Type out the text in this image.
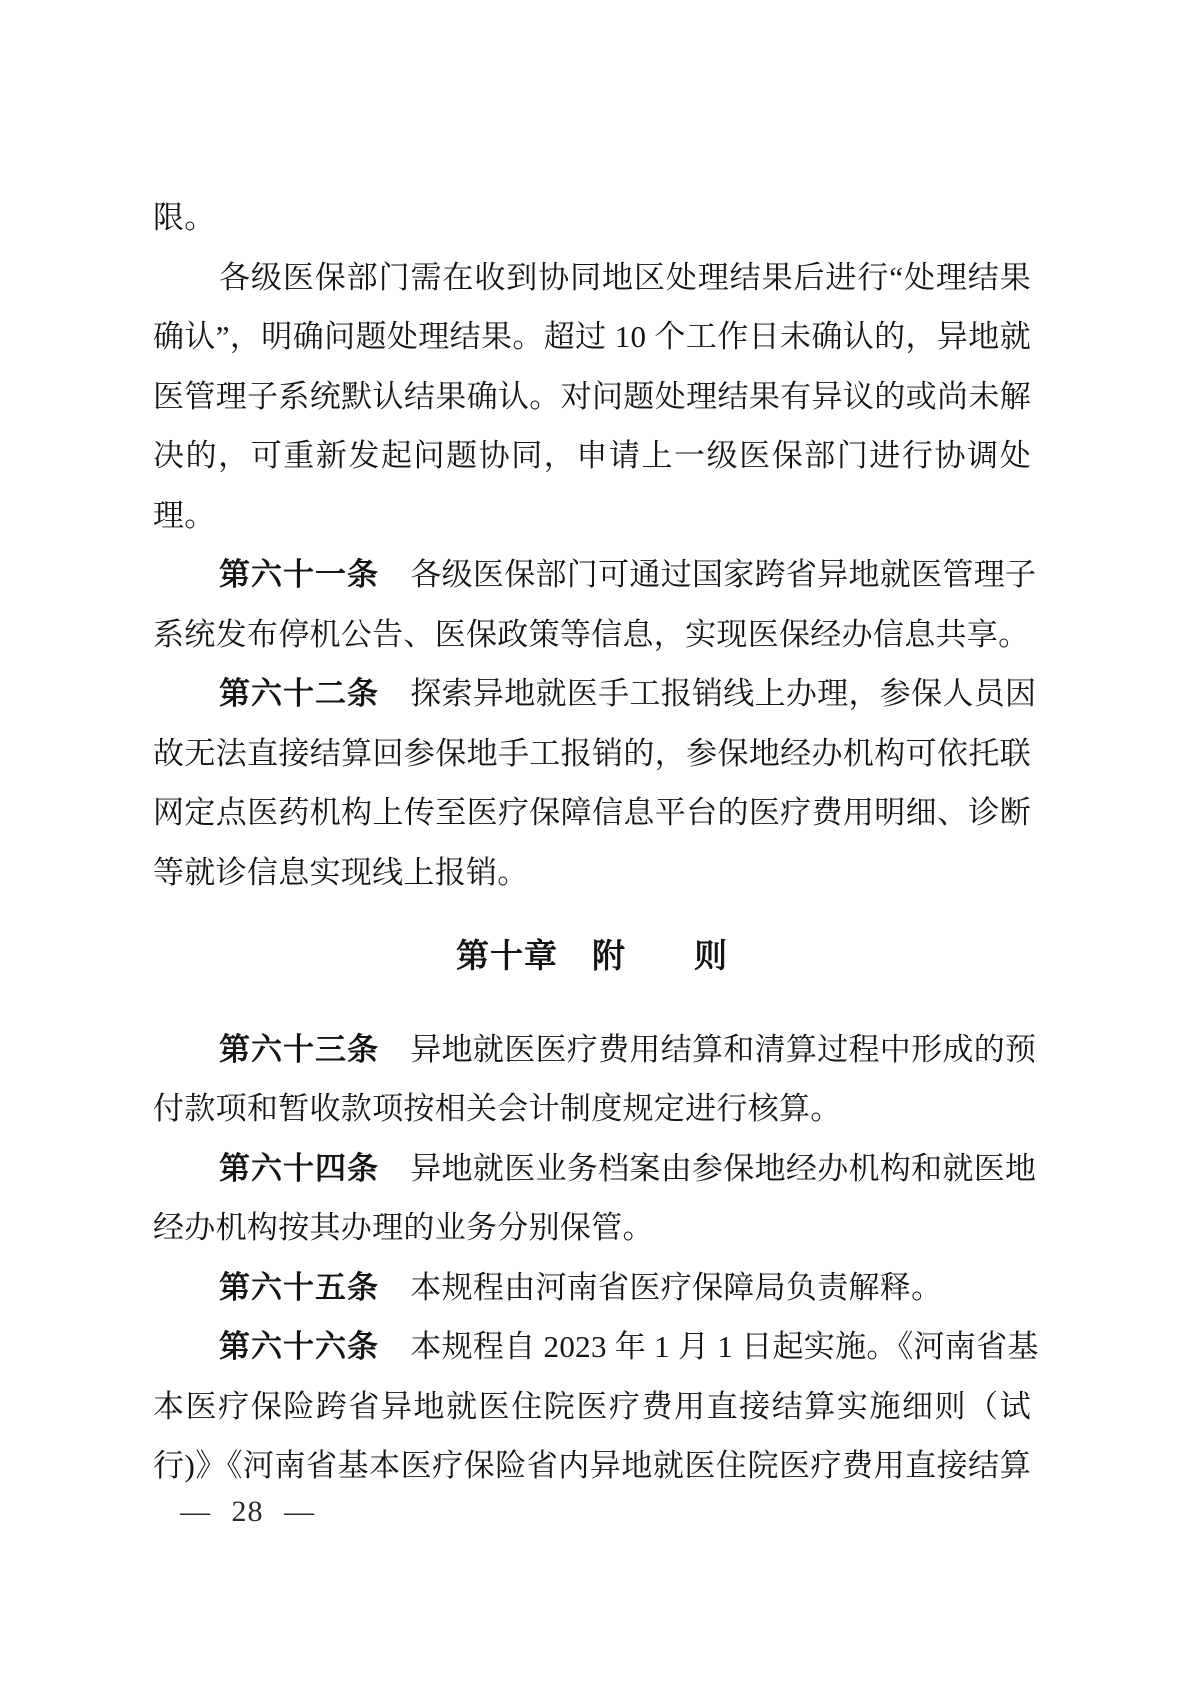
限。
各级医保部门需在收到协同地区处理结果后进行“处理结果
确认”，明确问题处理结果。超过 10 个工作日未确认的，异地就
医管理子系统默认结果确认。对问题处理结果有异议的或尚未解
决的，可重新发起问题协同，申请上一级医保部门进行协调处
理。
第六十一条　各级医保部门可通过国家跨省异地就医管理子
系统发布停机公告、医保政策等信息，实现医保经办信息共享。
第六十二条　探索异地就医手工报销线上办理，参保人员因
故无法直接结算回参保地手工报销的，参保地经办机构可依托联
网定点医药机构上传至医疗保障信息平台的医疗费用明细、诊断
等就诊信息实现线上报销。
第十章　附　　则
第六十三条　异地就医医疗费用结算和清算过程中形成的预
付款项和暂收款项按相关会计制度规定进行核算。
第六十四条　异地就医业务档案由参保地经办机构和就医地
经办机构按其办理的业务分别保管。
第六十五条　本规程由河南省医疗保障局负责解释。
第六十六条　本规程自 2023 年 1 月 1 日起实施。《河南省基
本医疗保险跨省异地就医住院医疗费用直接结算实施细则（试
行)》《河南省基本医疗保险省内异地就医住院医疗费用直接结算
— 28 —
